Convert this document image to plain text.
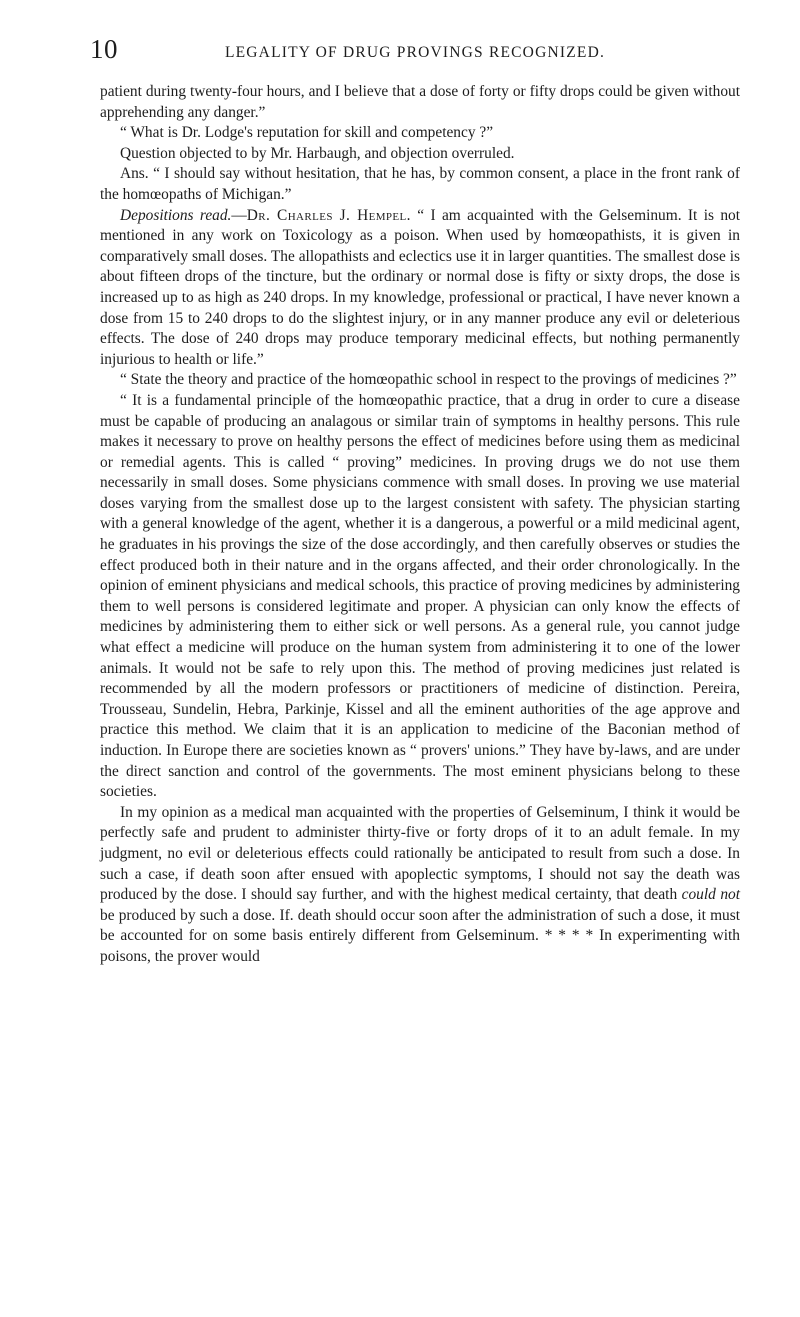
10	LEGALITY OF DRUG PROVINGS RECOGNIZED.

patient during twenty-four hours, and I believe that a dose of forty or fifty drops could be given without apprehending any danger.”

“ What is Dr. Lodge's reputation for skill and competency ?”

Question objected to by Mr. Harbaugh, and objection overruled.

Ans. “ I should say without hesitation, that he has, by common consent, a place in the front rank of the homœopaths of Michigan.”

Depositions read.—Dr. Charles J. Hempel. “ I am acquainted with the Gelseminum. It is not mentioned in any work on Toxicology as a poison. When used by homœopathists, it is given in comparatively small doses. The allopathists and eclectics use it in larger quantities. The smallest dose is about fifteen drops of the tincture, but the ordinary or normal dose is fifty or sixty drops, the dose is increased up to as high as 240 drops. In my knowledge, professional or practical, I have never known a dose from 15 to 240 drops to do the slightest injury, or in any manner produce any evil or deleterious effects. The dose of 240 drops may produce temporary medicinal effects, but nothing permanently injurious to health or life.”

“ State the theory and practice of the homœopathic school in respect to the provings of medicines ?”

“ It is a fundamental principle of the homœopathic practice, that a drug in order to cure a disease must be capable of producing an analagous or similar train of symptoms in healthy persons. This rule makes it necessary to prove on healthy persons the effect of medicines before using them as medicinal or remedial agents. This is called “ proving” medicines. In proving drugs we do not use them necessarily in small doses. Some physicians commence with small doses. In proving we use material doses varying from the smallest dose up to the largest consistent with safety. The physician starting with a general knowledge of the agent, whether it is a dangerous, a powerful or a mild medicinal agent, he graduates in his provings the size of the dose accordingly, and then carefully observes or studies the effect produced both in their nature and in the organs affected, and their order chronologically. In the opinion of eminent physicians and medical schools, this practice of proving medicines by administering them to well persons is considered legitimate and proper. A physician can only know the effects of medicines by administering them to either sick or well persons. As a general rule, you cannot judge what effect a medicine will produce on the human system from administering it to one of the lower animals. It would not be safe to rely upon this. The method of proving medicines just related is recommended by all the modern professors or practitioners of medicine of distinction. Pereira, Trousseau, Sundelin, Hebra, Parkinje, Kissel and all the eminent authorities of the age approve and practice this method. We claim that it is an application to medicine of the Baconian method of induction. In Europe there are societies known as “ provers' unions.” They have by-laws, and are under the direct sanction and control of the governments. The most eminent physicians belong to these societies.

In my opinion as a medical man acquainted with the properties of Gelseminum, I think it would be perfectly safe and prudent to administer thirty-five or forty drops of it to an adult female. In my judgment, no evil or deleterious effects could rationally be anticipated to result from such a dose. In such a case, if death soon after ensued with apoplectic symptoms, I should not say the death was produced by the dose. I should say further, and with the highest medical certainty, that death could not be produced by such a dose. If. death should occur soon after the administration of such a dose, it must be accounted for on some basis entirely different from Gelseminum. * * * * In experimenting with poisons, the prover would
